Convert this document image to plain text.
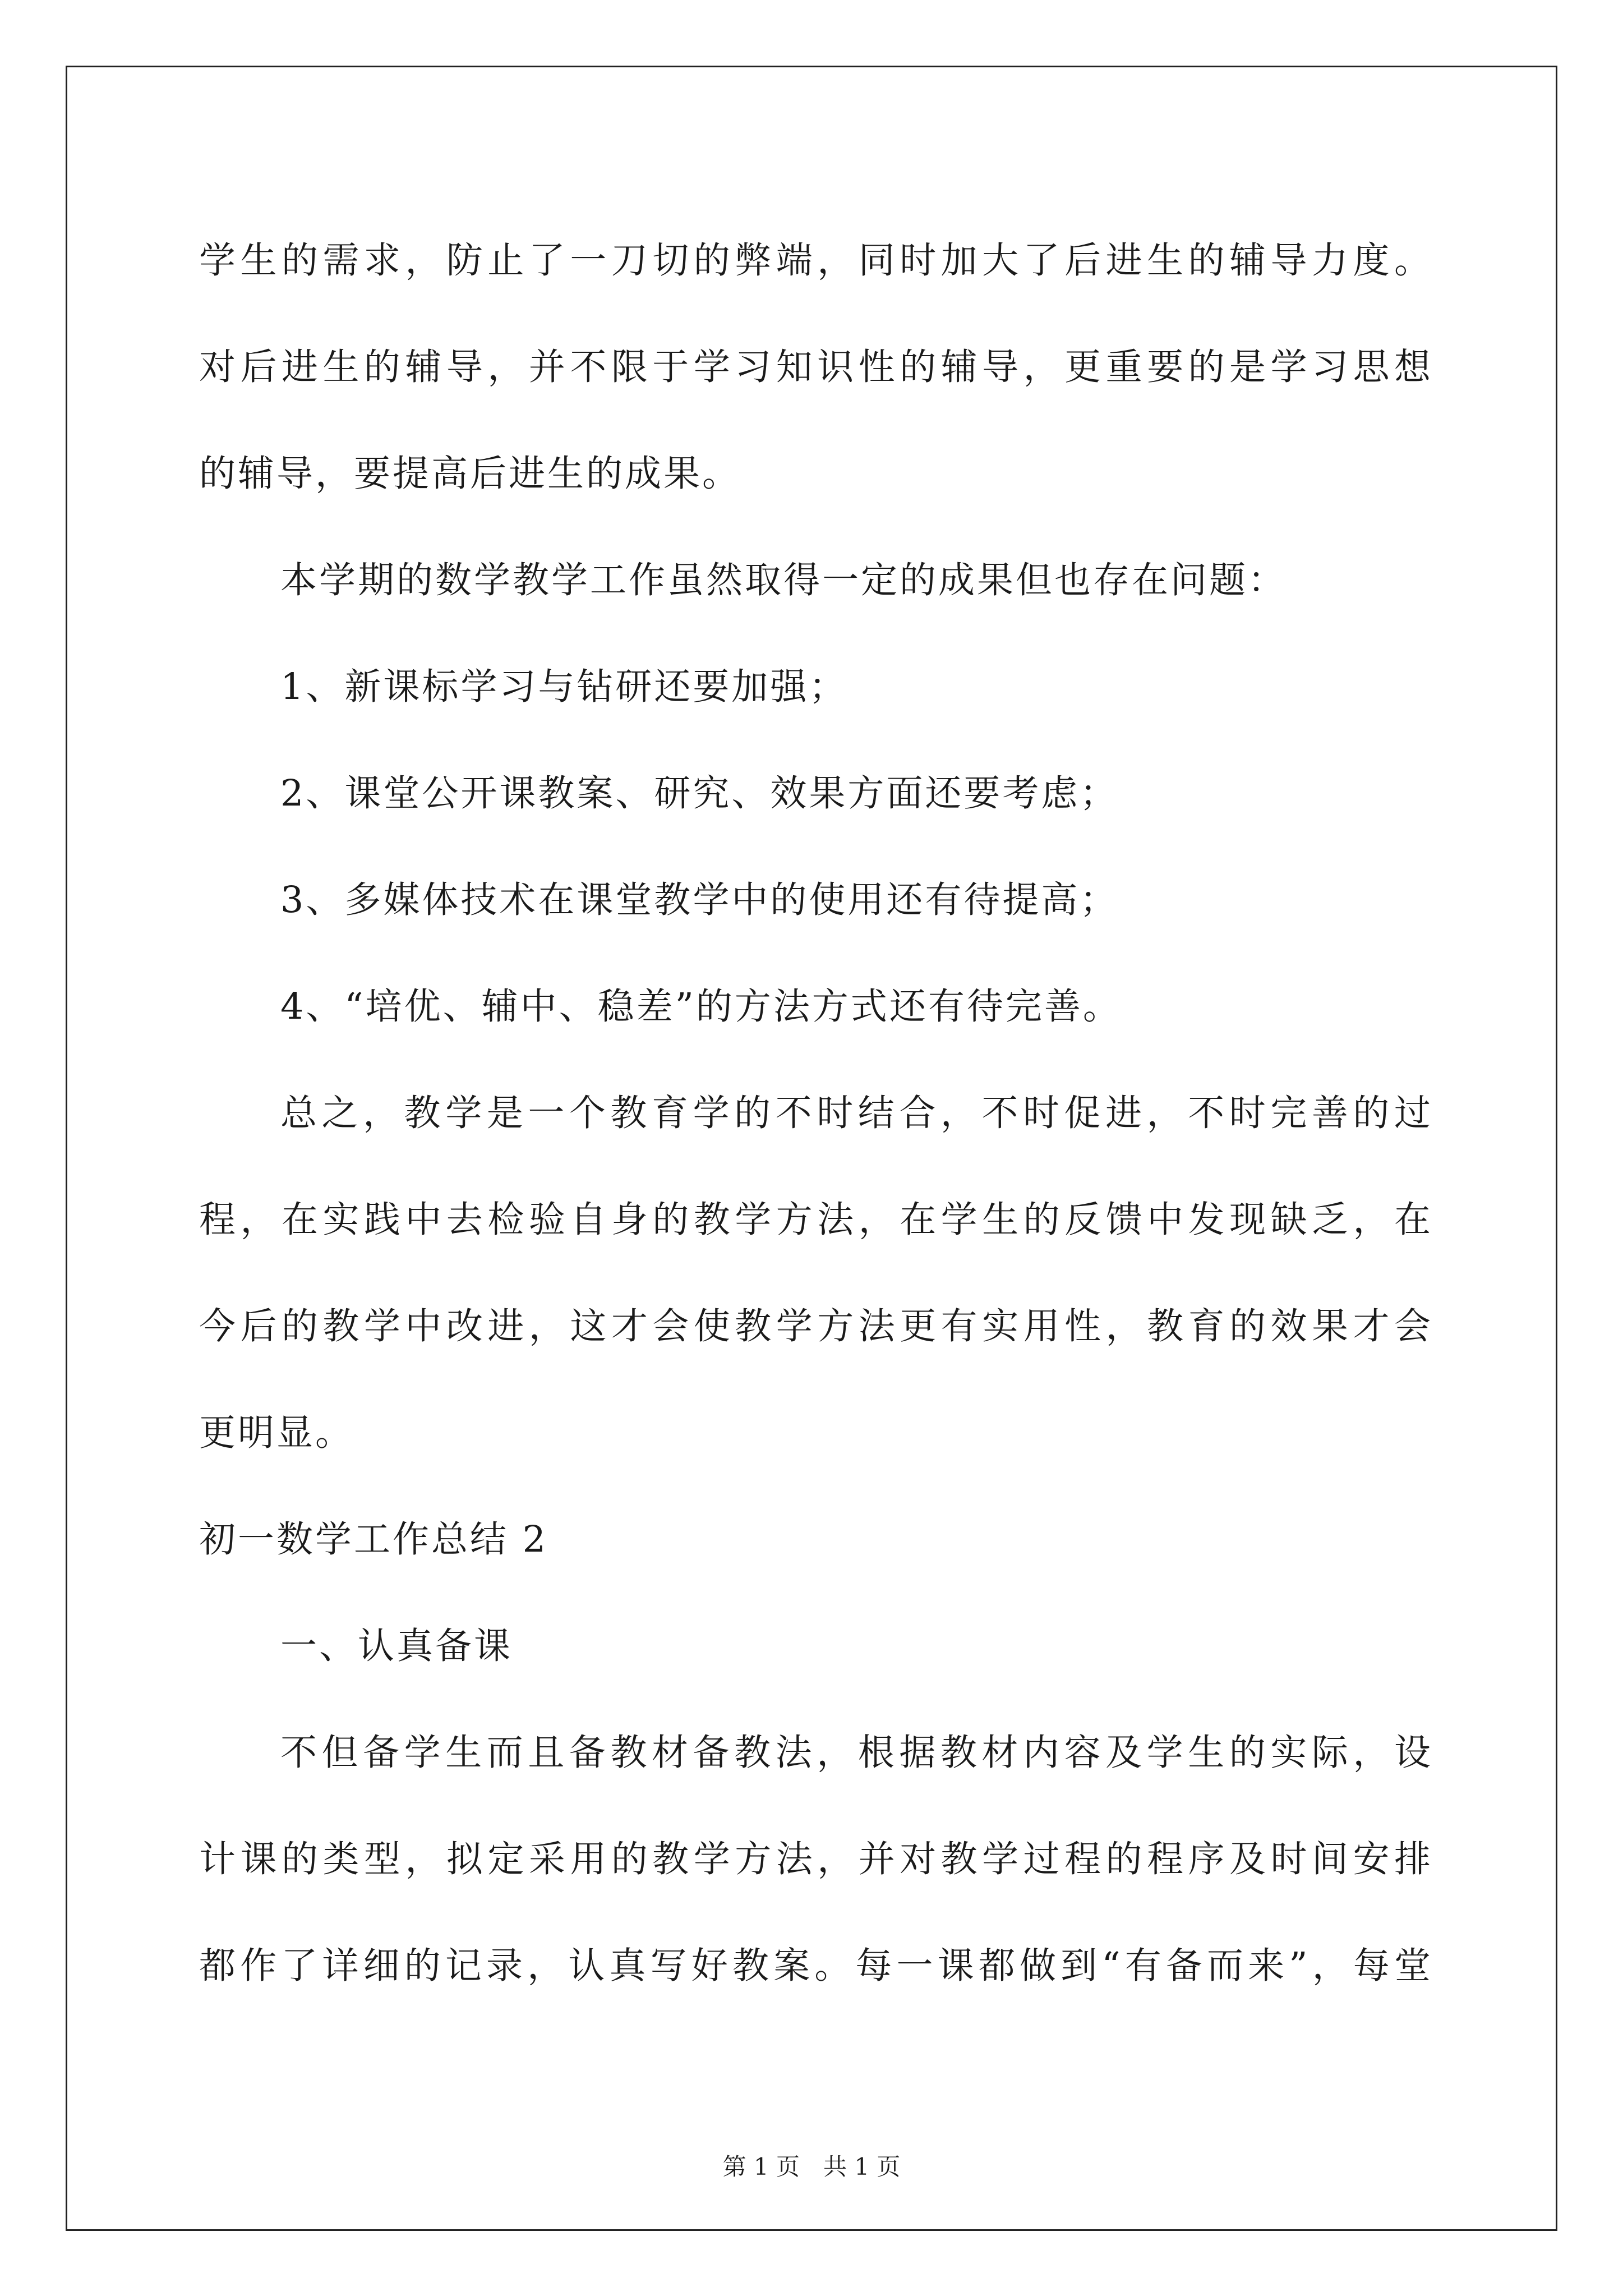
学生的需求，防止了一刀切的弊端，同时加大了后进生的辅导力度。
对后进生的辅导，并不限于学习知识性的辅导，更重要的是学习思想
的辅导，要提高后进生的成果。
本学期的数学教学工作虽然取得一定的成果但也存在问题：
1、新课标学习与钻研还要加强；
2、课堂公开课教案、研究、效果方面还要考虑；
3、多媒体技术在课堂教学中的使用还有待提高；
4、“培优、辅中、稳差”的方法方式还有待完善。
总之，教学是一个教育学的不时结合，不时促进，不时完善的过
程，在实践中去检验自身的教学方法，在学生的反馈中发现缺乏，在
今后的教学中改进，这才会使教学方法更有实用性，教育的效果才会
更明显。
初一数学工作总结 2
一、认真备课
不但备学生而且备教材备教法，根据教材内容及学生的实际，设
计课的类型，拟定采用的教学方法，并对教学过程的程序及时间安排
都作了详细的记录，认真写好教案。每一课都做到“有备而来”，每堂
第 1 页　共 1 页
